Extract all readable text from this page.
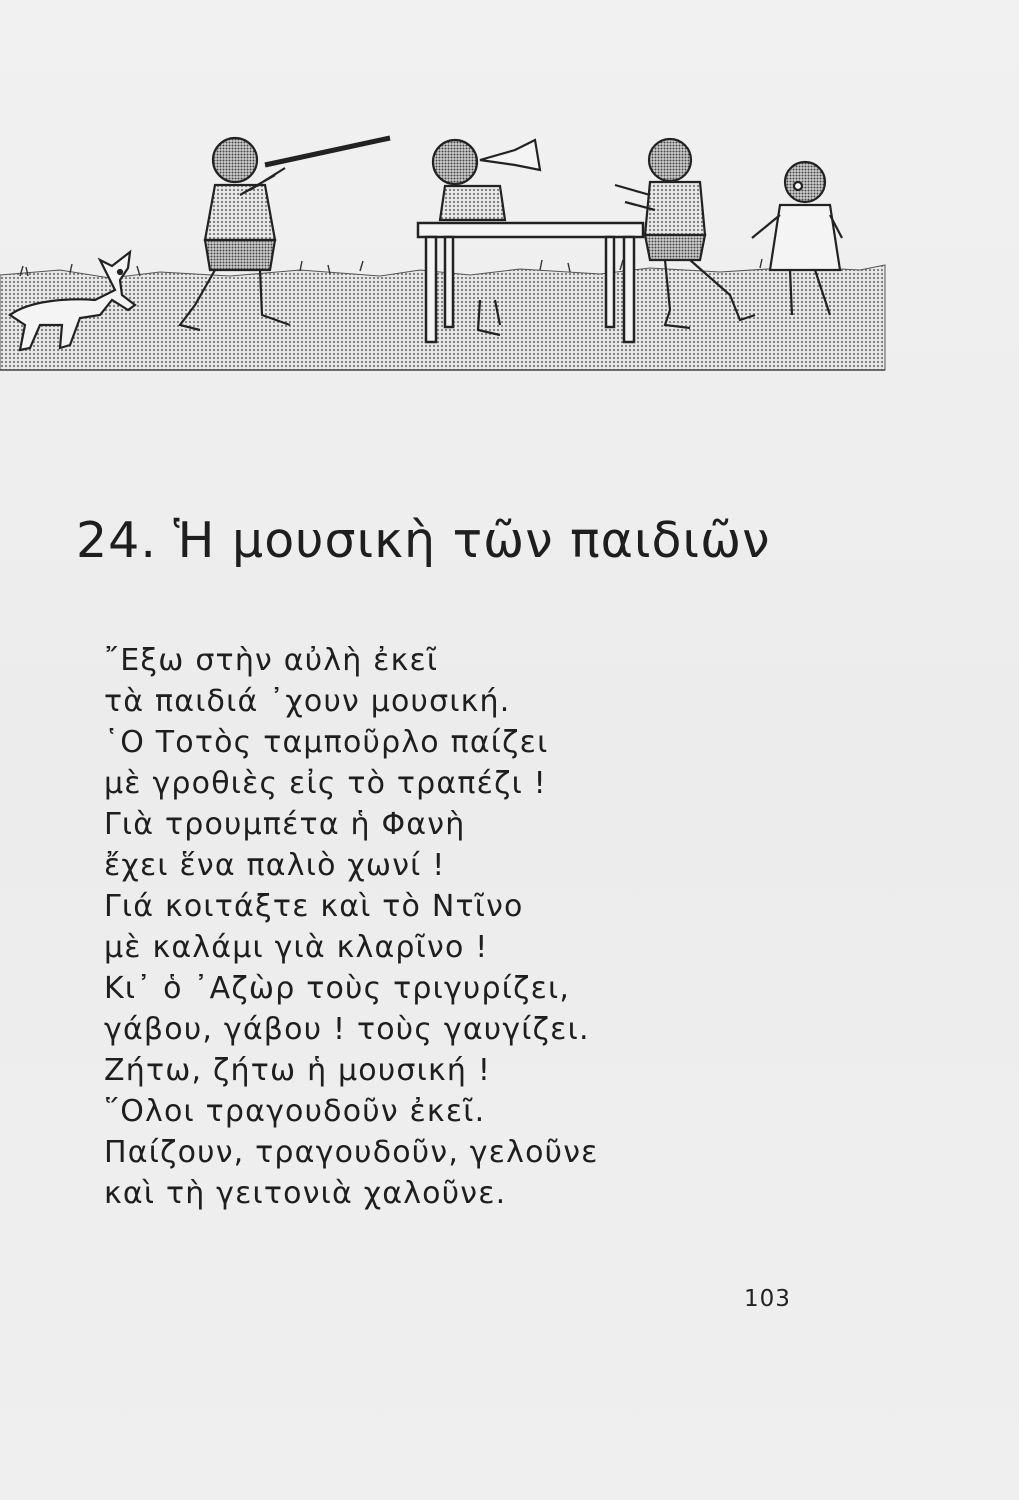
24. Ἡ μουσικὴ τῶν παιδιῶν
῎Εξω στὴν αὐλὴ ἐκεῖ
τὰ παιδιά ᾽χουν μουσική.
῾Ο Τοτὸς ταμποῦρλο παίζει
μὲ γροθιὲς εἰς τὸ τραπέζι !
Γιὰ τρουμπέτα ἡ Φανὴ
ἔχει ἕνα παλιὸ χωνί !
Γιά κοιτάξτε καὶ τὸ Ντῖνο
μὲ καλάμι γιὰ κλαρῖνο !
Κι᾽ ὁ ᾽Αζὼρ τοὺς τριγυρίζει,
γάβου, γάβου ! τοὺς γαυγίζει.
Ζήτω, ζήτω ἡ μουσική !
῞Ολοι τραγουδοῦν ἐκεῖ.
Παίζουν, τραγουδοῦν, γελοῦνε
καὶ τὴ γειτονιὰ χαλοῦνε.
103
